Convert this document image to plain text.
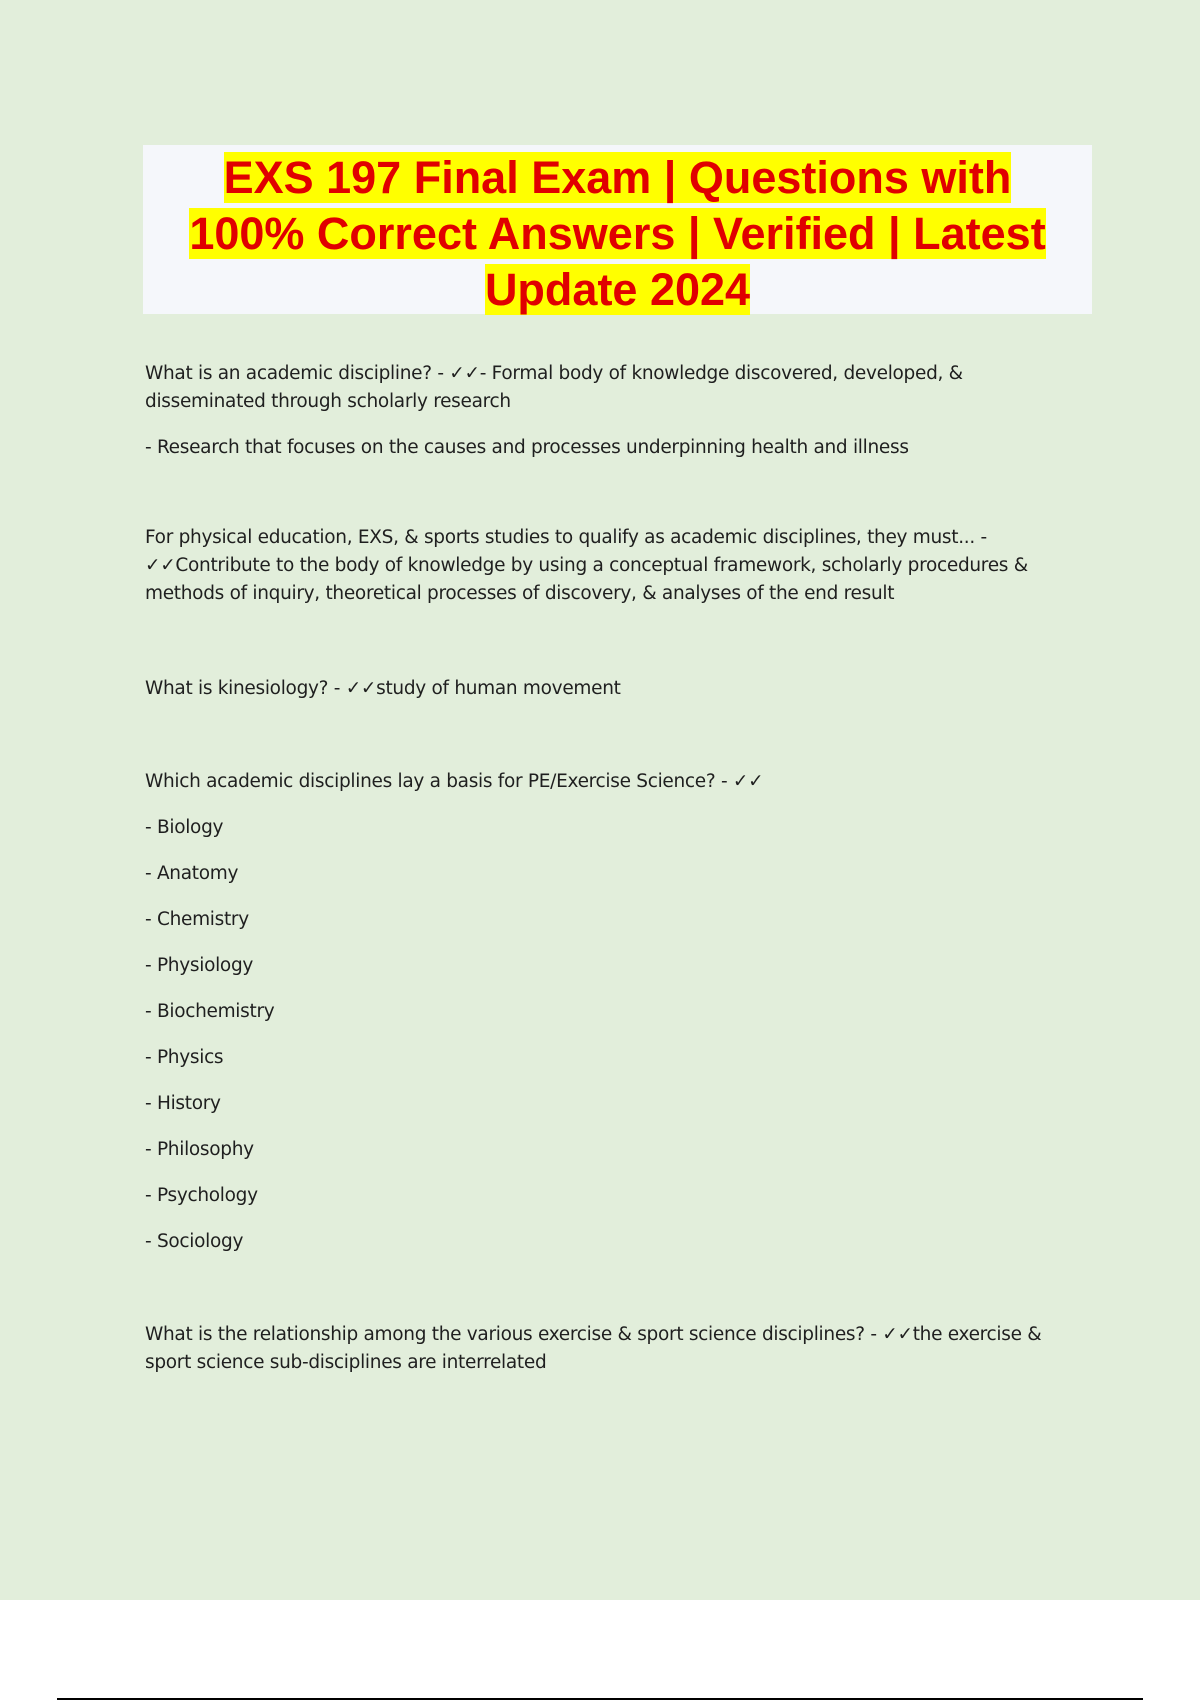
EXS 197 Final Exam | Questions with

100% Correct Answers | Verified | Latest

Update 2024

What is an academic discipline? - ✓✓- Formal body of knowledge discovered, developed, &

disseminated through scholarly research

- Research that focuses on the causes and processes underpinning health and illness

For physical education, EXS, & sports studies to qualify as academic disciplines, they must... -

✓✓Contribute to the body of knowledge by using a conceptual framework, scholarly procedures &

methods of inquiry, theoretical processes of discovery, & analyses of the end result

What is kinesiology? - ✓✓study of human movement

Which academic disciplines lay a basis for PE/Exercise Science? - ✓✓

- Biology

- Anatomy

- Chemistry

- Physiology

- Biochemistry

- Physics

- History

- Philosophy

- Psychology

- Sociology

What is the relationship among the various exercise & sport science disciplines? - ✓✓the exercise &

sport science sub-disciplines are interrelated
